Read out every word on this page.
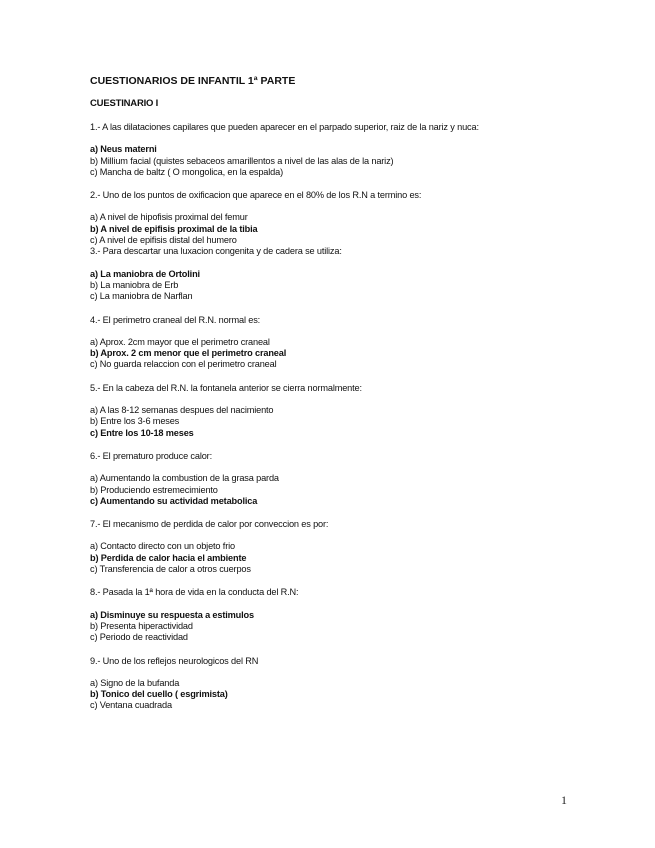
CUESTIONARIOS DE INFANTIL 1ª PARTE
CUESTINARIO I

1.- A las dilataciones capilares que pueden aparecer en el parpado superior, raiz de la nariz y nuca:

a) Neus materni
b) Millium facial (quistes sebaceos amarillentos a nivel de las alas de la nariz)
c) Mancha de baltz ( O mongolica, en la espalda)

2.- Uno de los puntos de oxificacion que aparece en el 80% de los R.N a termino es:

a) A nivel de hipofisis proximal del femur
b) A nivel de epifisis proximal de la tibia
c) A nivel de epifisis distal del humero

3.- Para descartar una luxacion congenita y de cadera se utiliza:

a) La maniobra de Ortolini
b) La maniobra de Erb
c) La maniobra de Narflan

4.- El perimetro craneal del R.N. normal es:

a) Aprox. 2cm mayor que el perimetro craneal
b) Aprox. 2 cm menor que el perimetro craneal
c) No guarda relaccion con el perimetro craneal

5.- En la cabeza del R.N. la fontanela anterior se cierra normalmente:

a) A las 8-12 semanas despues del nacimiento
b) Entre los 3-6 meses
c) Entre los 10-18 meses

6.- El prematuro produce calor:

a) Aumentando la combustion de la grasa parda
b) Produciendo estremecimiento
c) Aumentando su actividad metabolica

7.- El mecanismo de perdida de calor por conveccion es por:

a) Contacto directo con un objeto frio
b) Perdida de calor hacia el ambiente
c) Transferencia de calor a otros cuerpos

8.- Pasada la 1ª hora de vida en la conducta del R.N:

a) Disminuye su respuesta a estimulos
b) Presenta hiperactividad
c) Periodo de reactividad

9.- Uno de los reflejos neurologicos del RN

a) Signo de la bufanda
b) Tonico del cuello ( esgrimista)
c) Ventana cuadrada
1
